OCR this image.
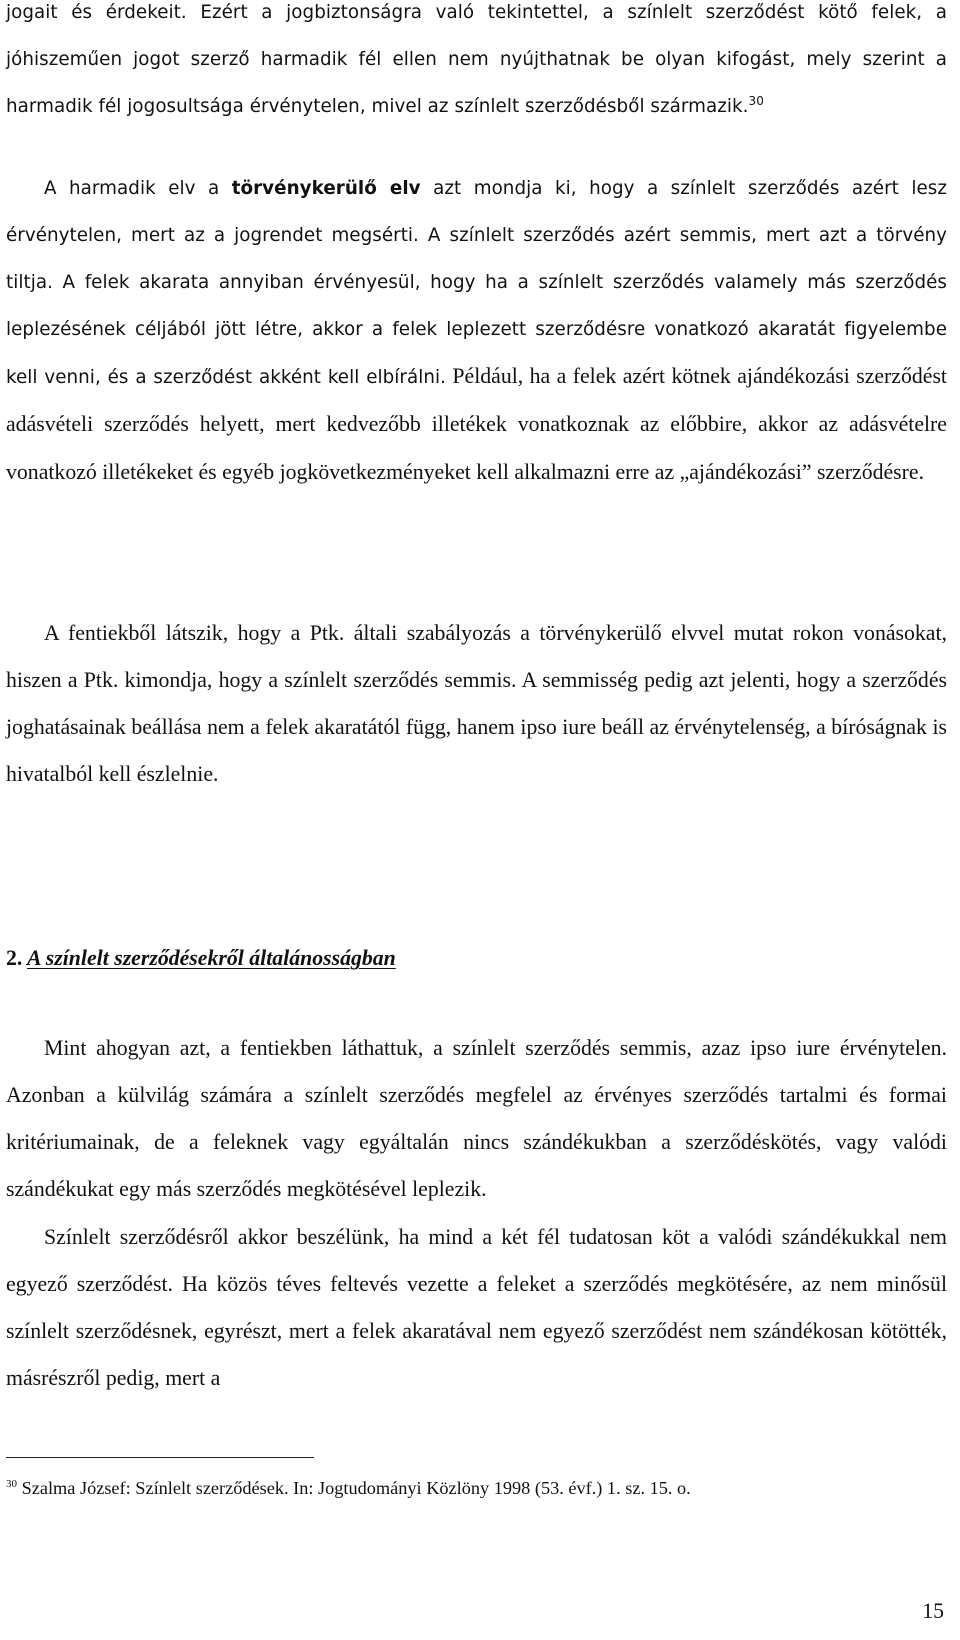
jogait és érdekeit. Ezért a jogbiztonságra való tekintettel, a színlelt szerződést kötő felek, a jóhiszeműen jogot szerző harmadik fél ellen nem nyújthatnak be olyan kifogást, mely szerint a harmadik fél jogosultsága érvénytelen, mivel az színlelt szerződésből származik.$^{30}$

A harmadik elv a törvénykerülő elv azt mondja ki, hogy a színlelt szerződés azért lesz érvénytelen, mert az a jogrendet megsérti. A színlelt szerződés azért semmis, mert azt a törvény tiltja. A felek akarata annyiban érvényesül, hogy ha a színlelt szerződés valamely más szerződés leplezésének céljából jött létre, akkor a felek leplezett szerződésre vonatkozó akaratát figyelembe kell venni, és a szerződést akként kell elbírálni. Például, ha a felek azért kötnek ajándékozási szerződést adásvételi szerződés helyett, mert kedvezőbb illetékek vonatkoznak az előbbire, akkor az adásvételre vonatkozó illetékeket és egyéb jogkövetkezményeket kell alkalmazni erre az „ajándékozási” szerződésre.

A fentiekből látszik, hogy a Ptk. általi szabályozás a törvénykerülő elvvel mutat rokon vonásokat, hiszen a Ptk. kimondja, hogy a színlelt szerződés semmis. A semmisség pedig azt jelenti, hogy a szerződés joghatásainak beállása nem a felek akaratától függ, hanem ipso iure beáll az érvénytelenség, a bíróságnak is hivatalból kell észlelnie.

2. A színlelt szerződésekről általánosságban

Mint ahogyan azt, a fentiekben láthattuk, a színlelt szerződés semmis, azaz ipso iure érvénytelen. Azonban a külvilág számára a színlelt szerződés megfelel az érvényes szerződés tartalmi és formai kritériumainak, de a feleknek vagy egyáltalán nincs szándékukban a szerződéskötés, vagy valódi szándékukat egy más szerződés megkötésével leplezik.

Színlelt szerződésről akkor beszélünk, ha mind a két fél tudatosan köt a valódi szándékukkal nem egyező szerződést. Ha közös téves feltevés vezette a feleket a szerződés megkötésére, az nem minősül színlelt szerződésnek, egyrészt, mert a felek akaratával nem egyező szerződést nem szándékosan kötötték, másrészről pedig, mert a

$^{30}$ Szalma József: Színlelt szerződések. In: Jogtudományi Közlöny 1998 (53. évf.) 1. sz. 15. o.

15
